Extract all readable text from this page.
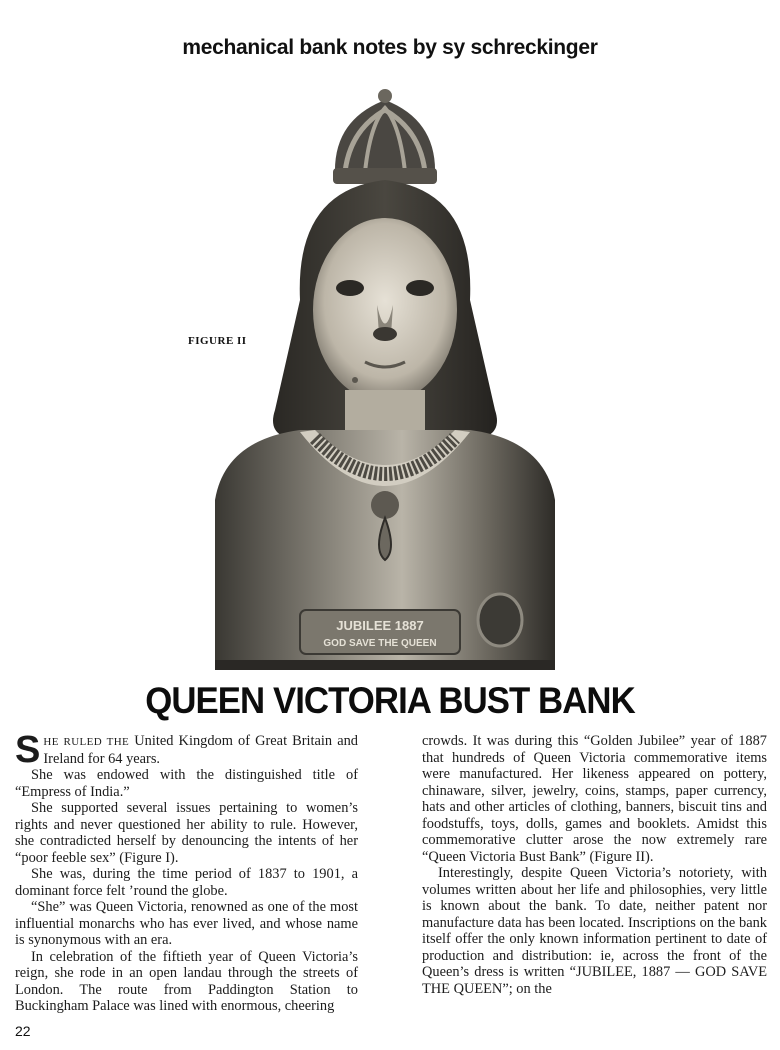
mechanical bank notes by sy schreckinger
JUBILEE 1887
GOD SAVE THE QUEEN
FIGURE II
QUEEN VICTORIA BUST BANK

SHE RULED THE United Kingdom of Great Britain and Ireland for 64 years.

She was endowed with the distinguished title of “Empress of India.”

She supported several issues pertaining to women’s rights and never questioned her ability to rule. However, she contradicted herself by denouncing the intents of her “poor feeble sex” (Figure I).

She was, during the time period of 1837 to 1901, a dominant force felt ’round the globe.

“She” was Queen Victoria, renowned as one of the most influential monarchs who has ever lived, and whose name is synonymous with an era.

In celebration of the fiftieth year of Queen Victoria’s reign, she rode in an open landau through the streets of London. The route from Paddington Station to Buckingham Palace was lined with enormous, cheering

crowds. It was during this “Golden Jubilee” year of 1887 that hundreds of Queen Victoria commemorative items were manufactured. Her likeness appeared on pottery, chinaware, silver, jewelry, coins, stamps, paper currency, hats and other articles of clothing, banners, biscuit tins and foodstuffs, toys, dolls, games and booklets. Amidst this commemorative clutter arose the now extremely rare “Queen Victoria Bust Bank” (Figure II).

Interestingly, despite Queen Victoria’s notoriety, with volumes written about her life and philosophies, very little is known about the bank. To date, neither patent nor manufacture data has been located. Inscriptions on the bank itself offer the only known information pertinent to date of production and distribution: ie, across the front of the Queen’s dress is written “JUBILEE, 1887 — GOD SAVE THE QUEEN”; on the

22
